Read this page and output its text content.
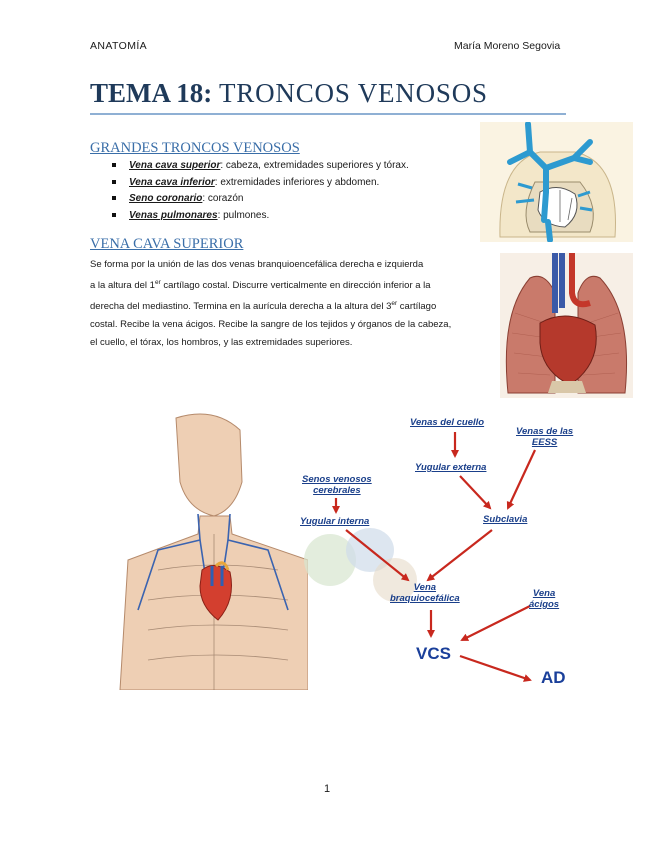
ANATOMÍA	María Moreno Segovia
TEMA 18: TRONCOS VENOSOS
GRANDES TRONCOS VENOSOS
Vena cava superior: cabeza, extremidades superiores y tórax.
Vena cava inferior: extremidades inferiores y abdomen.
Seno coronario: corazón
Venas pulmonares: pulmones.
VENA CAVA SUPERIOR

Se forma por la unión de las dos venas branquioencefálica derecha e izquierda

a la altura del 1er cartílago costal. Discurre verticalmente en dirección inferior a la

derecha del mediastino. Termina en la aurícula derecha a la altura del 3er cartílago

costal. Recibe la vena ácigos. Recibe la sangre de los tejidos y órganos de la cabeza,

el cuello, el tórax, los hombros, y las extremidades superiores.

Venas del cuello
Venas de las
EESS
Yugular externa
Senos venosos
cerebrales
Yugular interna	Subclavia
Vena
braquiocefálica	Vena
ácigos
VCS
AD
1
